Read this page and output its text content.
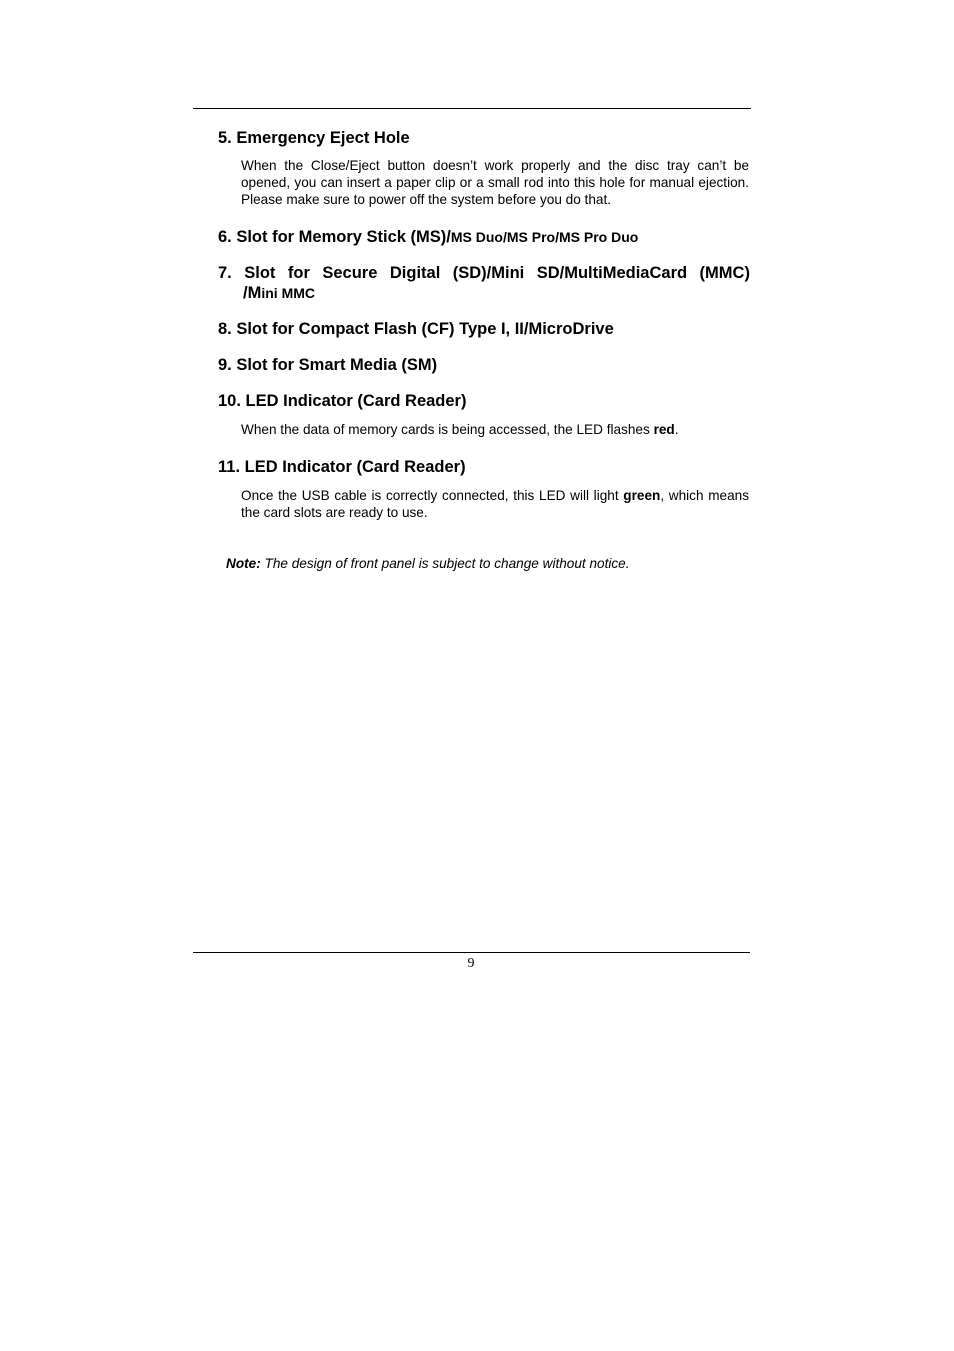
5. Emergency Eject Hole

When the Close/Eject button doesn’t work properly and the disc tray can’t be opened, you can insert a paper clip or a small rod into this hole for manual ejection. Please make sure to power off the system before you do that.

6. Slot for Memory Stick (MS)/MS Duo/MS Pro/MS Pro Duo

7. Slot for Secure Digital (SD)/Mini SD/MultiMediaCard (MMC)

/Mini MMC

8. Slot for Compact Flash (CF) Type I, II/MicroDrive

9. Slot for Smart Media (SM)

10. LED Indicator (Card Reader)

When the data of memory cards is being accessed, the LED flashes red.

11. LED Indicator (Card Reader)

Once the USB cable is correctly connected, this LED will light green, which means the card slots are ready to use.

Note: The design of front panel is subject to change without notice.

9
